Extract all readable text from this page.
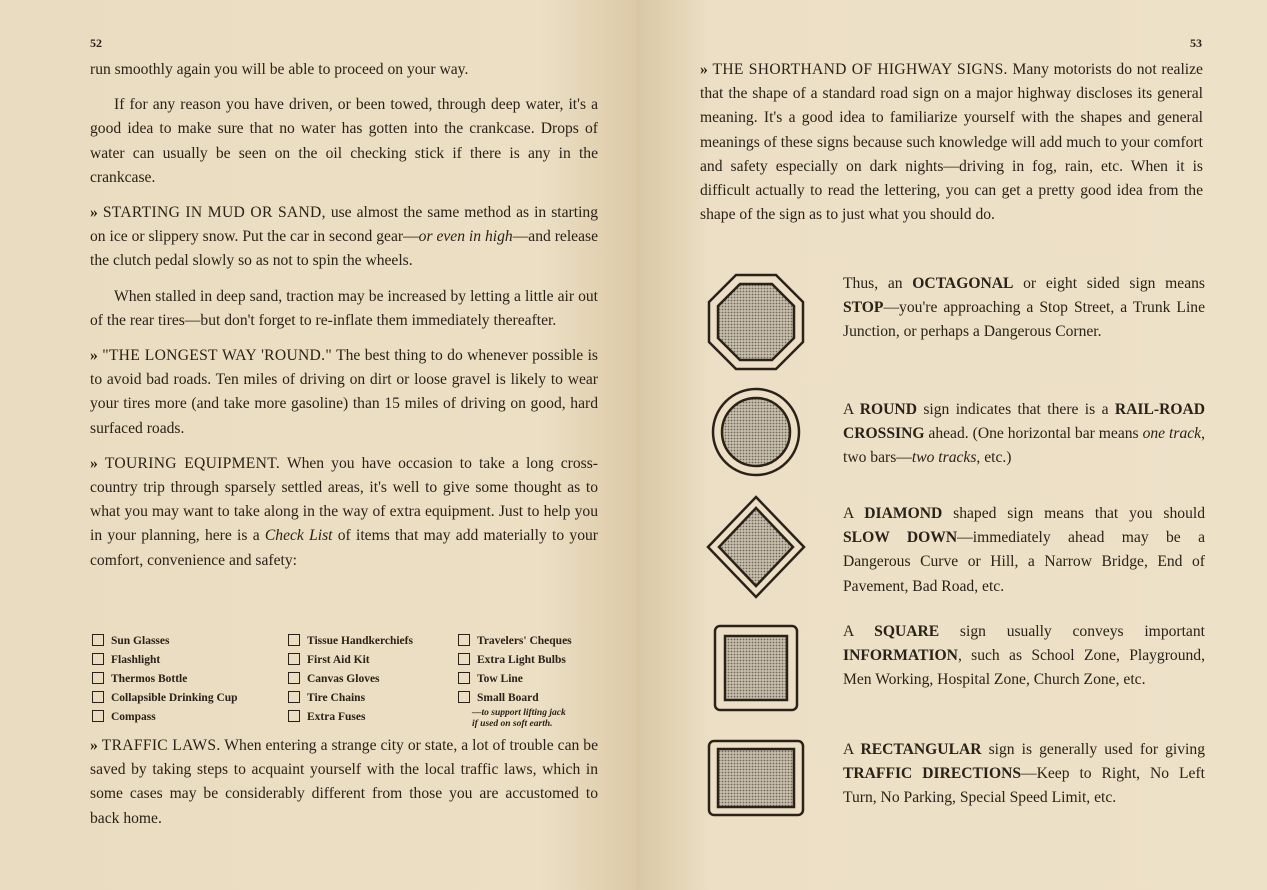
52

run smoothly again you will be able to proceed on your way.

If for any reason you have driven, or been towed, through deep water, it's a good idea to make sure that no water has gotten into the crankcase. Drops of water can usually be seen on the oil checking stick if there is any in the crankcase.

» STARTING IN MUD OR SAND, use almost the same method as in starting on ice or slippery snow. Put the car in second gear—or even in high—and release the clutch pedal slowly so as not to spin the wheels.

When stalled in deep sand, traction may be increased by letting a little air out of the rear tires—but don't forget to re-inflate them immediately thereafter.

» "THE LONGEST WAY 'ROUND." The best thing to do whenever possible is to avoid bad roads. Ten miles of driving on dirt or loose gravel is likely to wear your tires more (and take more gasoline) than 15 miles of driving on good, hard surfaced roads.

» TOURING EQUIPMENT. When you have occasion to take a long cross-country trip through sparsely settled areas, it's well to give some thought as to what you may want to take along in the way of extra equipment. Just to help you in your planning, here is a Check List of items that may add materially to your comfort, convenience and safety:

Sun Glasses
Flashlight
Thermos Bottle
Collapsible Drinking Cup
Compass
Tissue Handkerchiefs
First Aid Kit
Canvas Gloves
Tire Chains
Extra Fuses
Travelers' Cheques
Extra Light Bulbs
Tow Line
Small Board
—to support lifting jack
if used on soft earth.
» TRAFFIC LAWS. When entering a strange city or state, a lot of trouble can be saved by taking steps to acquaint yourself with the local traffic laws, which in some cases may be considerably different from those you are accustomed to back home.
53
» THE SHORTHAND OF HIGHWAY SIGNS. Many motorists do not realize that the shape of a standard road sign on a major highway discloses its general meaning. It's a good idea to familiarize yourself with the shapes and general meanings of these signs because such knowledge will add much to your comfort and safety especially on dark nights—driving in fog, rain, etc. When it is difficult actually to read the lettering, you can get a pretty good idea from the shape of the sign as to just what you should do.
Thus, an OCTAGONAL or eight sided sign means STOP—you're approaching a Stop Street, a Trunk Line Junction, or perhaps a Dangerous Corner.
A ROUND sign indicates that there is a RAIL-ROAD CROSSING ahead. (One horizontal bar means one track, two bars—two tracks, etc.)
A DIAMOND shaped sign means that you should SLOW DOWN—immediately ahead may be a Dangerous Curve or Hill, a Narrow Bridge, End of Pavement, Bad Road, etc.
A SQUARE sign usually conveys important INFORMATION, such as School Zone, Playground, Men Working, Hospital Zone, Church Zone, etc.
A RECTANGULAR sign is generally used for giving TRAFFIC DIRECTIONS—Keep to Right, No Left Turn, No Parking, Special Speed Limit, etc.
